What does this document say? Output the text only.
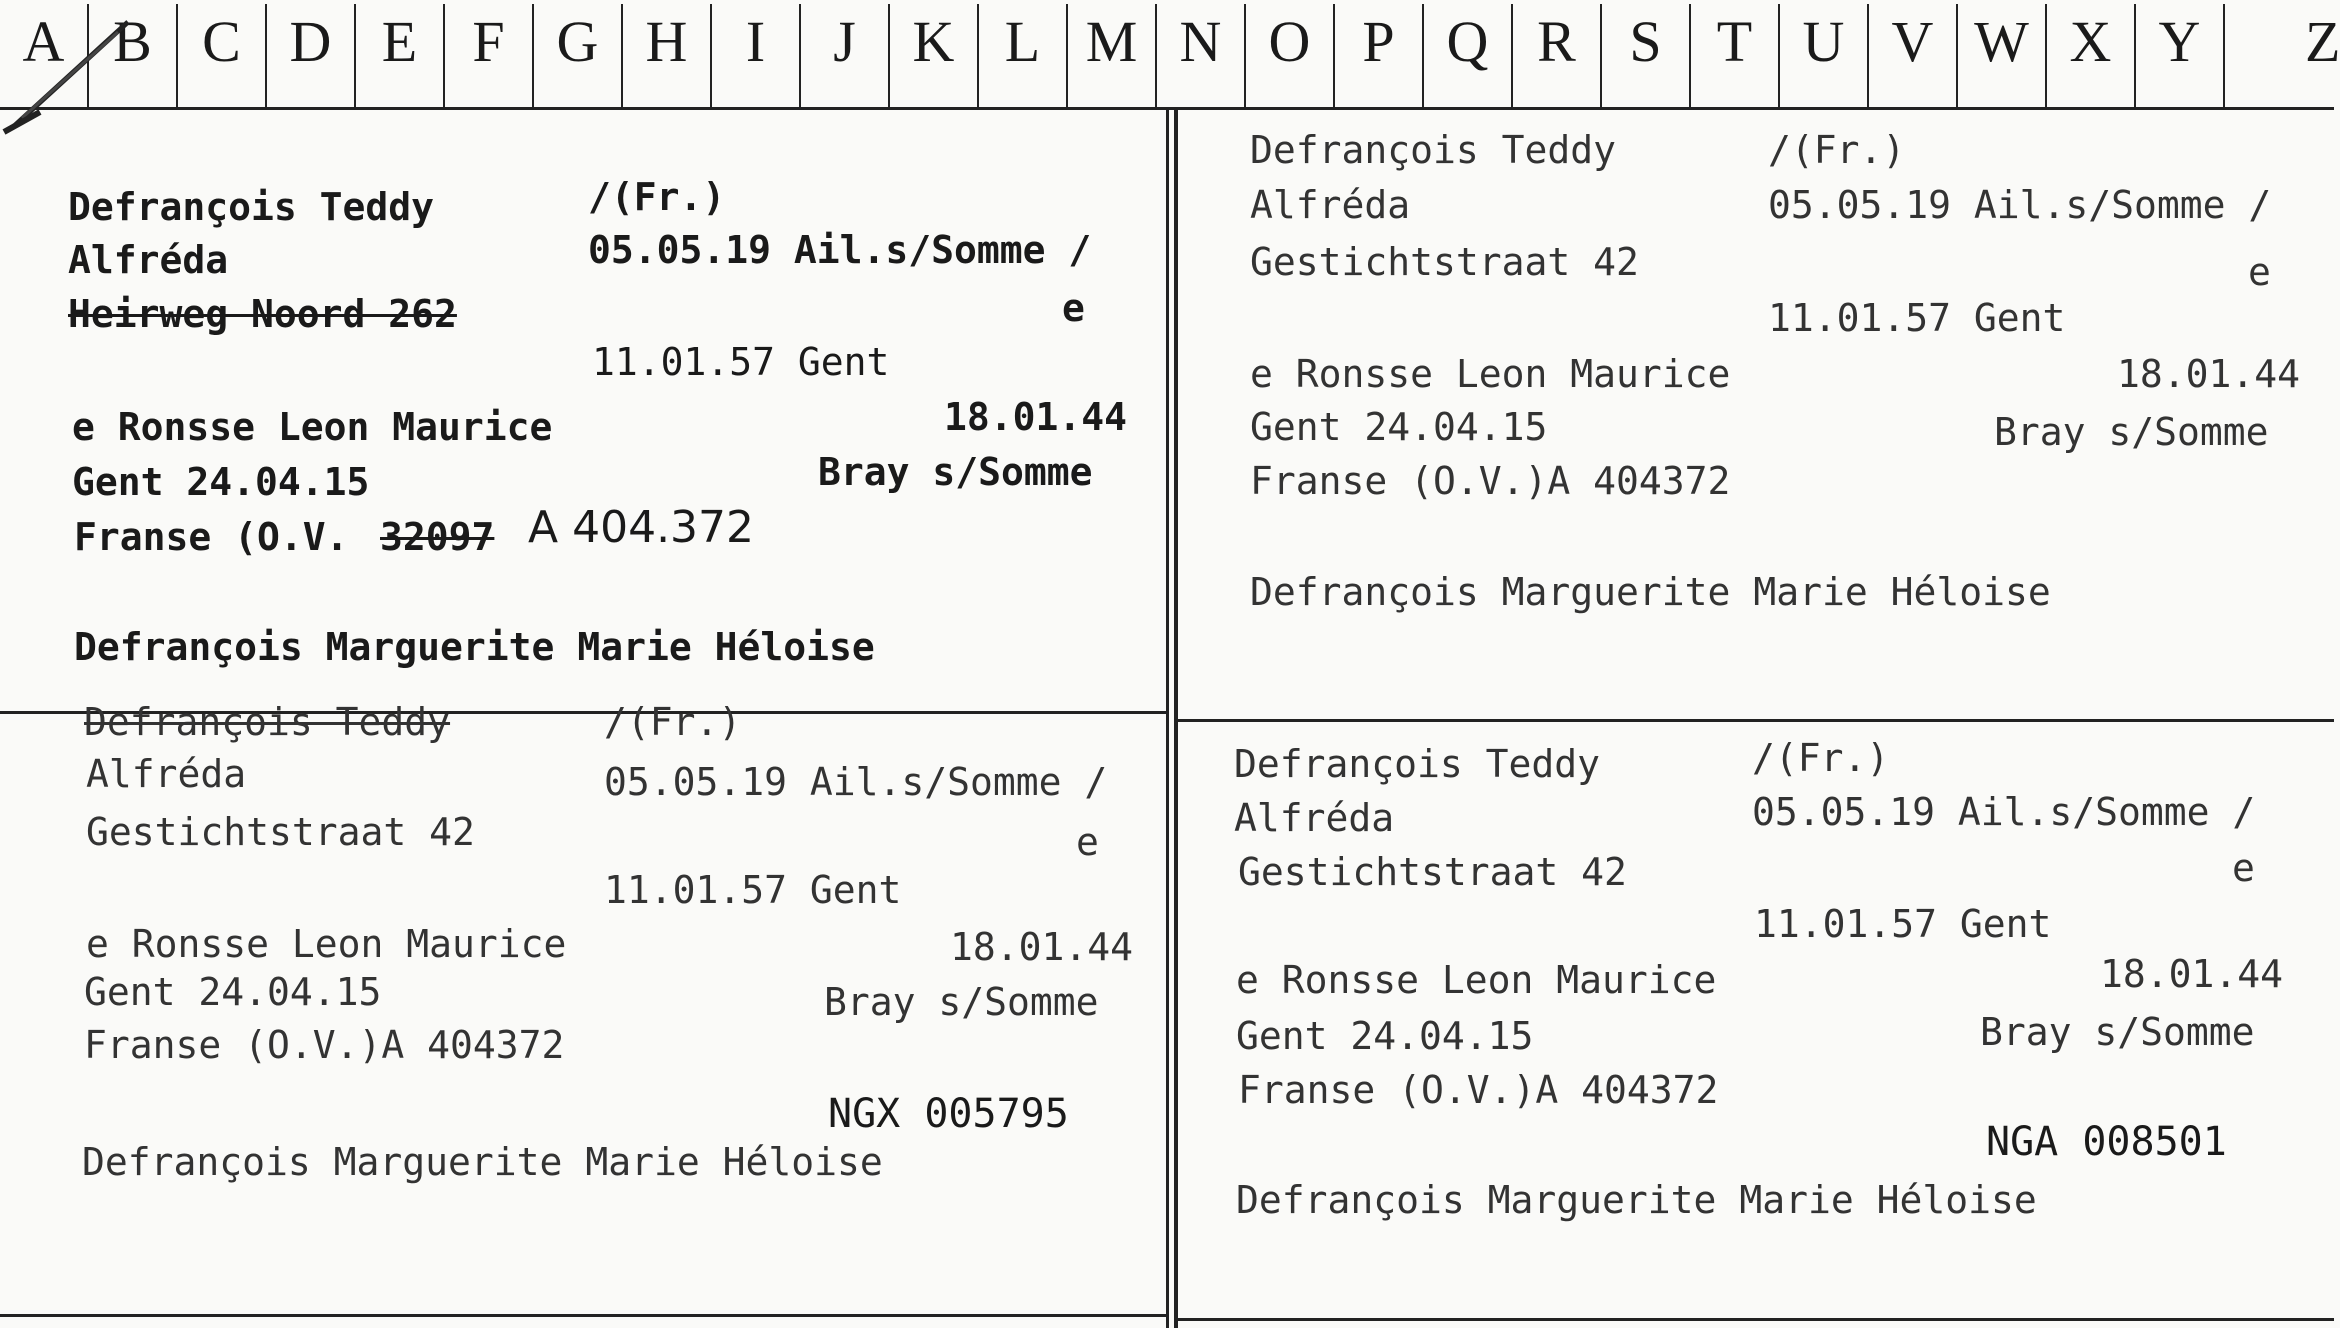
A B C D E F G H	I	J K L M N O P Q R S T U V W X Y	Z
Defrançois Teddy	/(Fr.)
Alfréda	05.05.19 Ail.s/Somme /
Heirweg Noord 262	e
11.01.57 Gent
e Ronsse Leon Maurice	18.01.44
Gent 24.04.15	Bray s/Somme
Franse (O.V. 32097 A 404.372
Defrançois Marguerite Marie Héloise
Defrançois Teddy	/(Fr.)
Alfréda	05.05.19 Ail.s/Somme /
Gestichtstraat 42	e
11.01.57 Gent
e Ronsse Leon Maurice	18.01.44
Gent 24.04.15	Bray s/Somme
Franse (O.V.)A 404372
Defrançois Marguerite Marie Héloise
Defrançois Teddy	/(Fr.)
Alfréda	05.05.19 Ail.s/Somme /
Gestichtstraat 42	e
11.01.57 Gent
e Ronsse Leon Maurice	18.01.44
Gent 24.04.15	Bray s/Somme
Franse (O.V.)A 404372
NGX 005795
Defrançois Marguerite Marie Héloise
Defrançois Teddy	/(Fr.)
Alfréda	05.05.19 Ail.s/Somme /
Gestichtstraat 42	e
11.01.57 Gent
e Ronsse Leon Maurice	18.01.44
Gent 24.04.15	Bray s/Somme
Franse (O.V.)A 404372
NGA 008501
Defrançois Marguerite Marie Héloise
